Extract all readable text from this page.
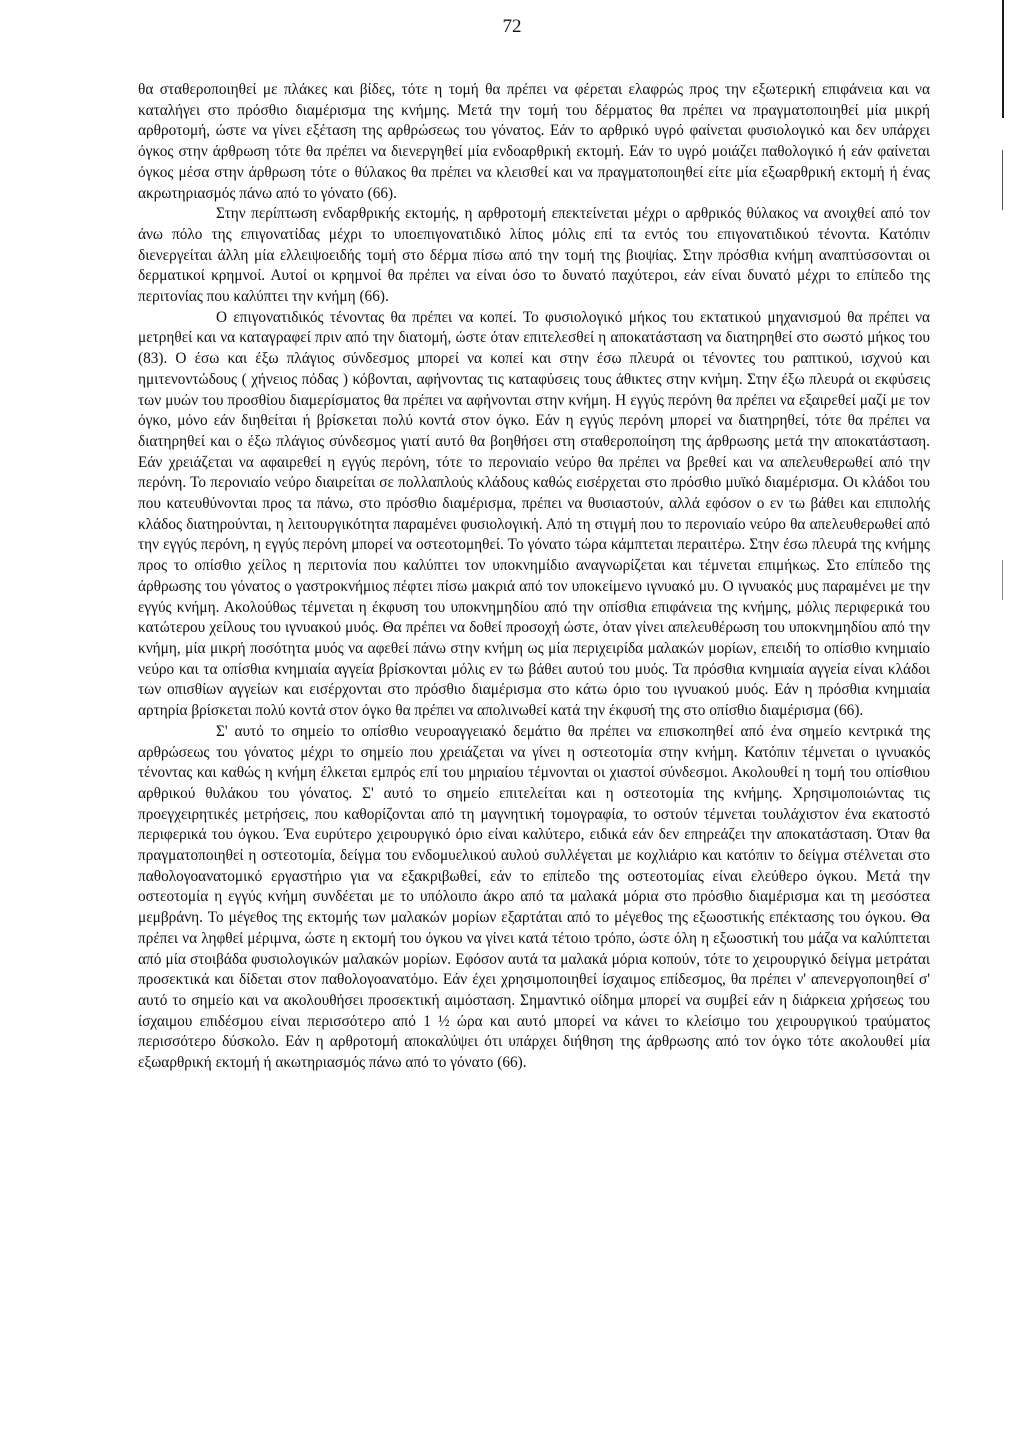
72

θα σταθεροποιηθεί με πλάκες και βίδες, τότε η τομή θα πρέπει να φέρεται ελαφρώς προς την εξωτερική επιφάνεια και να καταλήγει στο πρόσθιο διαμέρισμα της κνήμης. Μετά την τομή του δέρματος θα πρέπει να πραγματοποιηθεί μία μικρή αρθροτομή, ώστε να γίνει εξέταση της αρθρώσεως του γόνατος. Εάν το αρθρικό υγρό φαίνεται φυσιολογικό και δεν υπάρχει όγκος στην άρθρωση τότε θα πρέπει να διενεργηθεί μία ενδοαρθρική εκτομή. Εάν το υγρό μοιάζει παθολογικό ή εάν φαίνεται όγκος μέσα στην άρθρωση τότε ο θύλακος θα πρέπει να κλεισθεί και να πραγματοποιηθεί είτε μία εξωαρθρική εκτομή ή ένας ακρωτηριασμός πάνω από το γόνατο (66).

Στην περίπτωση ενδαρθρικής εκτομής, η αρθροτομή επεκτείνεται μέχρι ο αρθρικός θύλακος να ανοιχθεί από τον άνω πόλο της επιγονατίδας μέχρι το υποεπιγονατιδικό λίπος μόλις επί τα εντός του επιγονατιδικού τένοντα. Κατόπιν διενεργείται άλλη μία ελλειψοειδής τομή στο δέρμα πίσω από την τομή της βιοψίας. Στην πρόσθια κνήμη αναπτύσσονται οι δερματικοί κρημνοί. Αυτοί οι κρημνοί θα πρέπει να είναι όσο το δυνατό παχύτεροι, εάν είναι δυνατό μέχρι το επίπεδο της περιτονίας που καλύπτει την κνήμη (66).

Ο επιγονατιδικός τένοντας θα πρέπει να κοπεί. Το φυσιολογικό μήκος του εκτατικού μηχανισμού θα πρέπει να μετρηθεί και να καταγραφεί πριν από την διατομή, ώστε όταν επιτελεσθεί η αποκατάσταση να διατηρηθεί στο σωστό μήκος του (83). Ο έσω και έξω πλάγιος σύνδεσμος μπορεί να κοπεί και στην έσω πλευρά οι τένοντες του ραπτικού, ισχνού και ημιτενοντώδους ( χήνειος πόδας ) κόβονται, αφήνοντας τις καταφύσεις τους άθικτες στην κνήμη. Στην έξω πλευρά οι εκφύσεις των μυών του προσθίου διαμερίσματος θα πρέπει να αφήνονται στην κνήμη. Η εγγύς περόνη θα πρέπει να εξαιρεθεί μαζί με τον όγκο, μόνο εάν διηθείται ή βρίσκεται πολύ κοντά στον όγκο. Εάν η εγγύς περόνη μπορεί να διατηρηθεί, τότε θα πρέπει να διατηρηθεί και ο έξω πλάγιος σύνδεσμος γιατί αυτό θα βοηθήσει στη σταθεροποίηση της άρθρωσης μετά την αποκατάσταση. Εάν χρειάζεται να αφαιρεθεί η εγγύς περόνη, τότε το περονιαίο νεύρο θα πρέπει να βρεθεί και να απελευθερωθεί από την περόνη. Το περονιαίο νεύρο διαιρείται σε πολλαπλούς κλάδους καθώς εισέρχεται στο πρόσθιο μυϊκό διαμέρισμα. Οι κλάδοι του που κατευθύνονται προς τα πάνω, στο πρόσθιο διαμέρισμα, πρέπει να θυσιαστούν, αλλά εφόσον ο εν τω βάθει και επιπολής κλάδος διατηρούνται, η λειτουργικότητα παραμένει φυσιολογική. Από τη στιγμή που το περονιαίο νεύρο θα απελευθερωθεί από την εγγύς περόνη, η εγγύς περόνη μπορεί να οστεοτομηθεί. Το γόνατο τώρα κάμπτεται περαιτέρω. Στην έσω πλευρά της κνήμης προς το οπίσθιο χείλος η περιτονία που καλύπτει τον υποκνημίδιο αναγνωρίζεται και τέμνεται επιμήκως. Στο επίπεδο της άρθρωσης του γόνατος ο γαστροκνήμιος πέφτει πίσω μακριά από τον υποκείμενο ιγνυακό μυ. Ο ιγνυακός μυς παραμένει με την εγγύς κνήμη. Ακολούθως τέμνεται η έκφυση του υποκνημηδίου από την οπίσθια επιφάνεια της κνήμης, μόλις περιφερικά του κατώτερου χείλους του ιγνυακού μυός. Θα πρέπει να δοθεί προσοχή ώστε, όταν γίνει απελευθέρωση του υποκνημηδίου από την κνήμη, μία μικρή ποσότητα μυός να αφεθεί πάνω στην κνήμη ως μία περιχειρίδα μαλακών μορίων, επειδή το οπίσθιο κνημιαίο νεύρο και τα οπίσθια κνημιαία αγγεία βρίσκονται μόλις εν τω βάθει αυτού του μυός. Τα πρόσθια κνημιαία αγγεία είναι κλάδοι των οπισθίων αγγείων και εισέρχονται στο πρόσθιο διαμέρισμα στο κάτω όριο του ιγνυακού μυός. Εάν η πρόσθια κνημιαία αρτηρία βρίσκεται πολύ κοντά στον όγκο θα πρέπει να απολινωθεί κατά την έκφυσή της στο οπίσθιο διαμέρισμα (66).

Σ' αυτό το σημείο το οπίσθιο νευροαγγειακό δεμάτιο θα πρέπει να επισκοπηθεί από ένα σημείο κεντρικά της αρθρώσεως του γόνατος μέχρι το σημείο που χρειάζεται να γίνει η οστεοτομία στην κνήμη. Κατόπιν τέμνεται ο ιγνυακός τένοντας και καθώς η κνήμη έλκεται εμπρός επί του μηριαίου τέμνονται οι χιαστοί σύνδεσμοι. Ακολουθεί η τομή του οπίσθιου αρθρικού θυλάκου του γόνατος. Σ' αυτό το σημείο επιτελείται και η οστεοτομία της κνήμης. Χρησιμοποιώντας τις προεγχειρητικές μετρήσεις, που καθορίζονται από τη μαγνητική τομογραφία, το οστούν τέμνεται τουλάχιστον ένα εκατοστό περιφερικά του όγκου. Ένα ευρύτερο χειρουργικό όριο είναι καλύτερο, ειδικά εάν δεν επηρεάζει την αποκατάσταση. Όταν θα πραγματοποιηθεί η οστεοτομία, δείγμα του ενδομυελικού αυλού συλλέγεται με κοχλιάριο και κατόπιν το δείγμα στέλνεται στο παθολογοανατομικό εργαστήριο για να εξακριβωθεί, εάν το επίπεδο της οστεοτομίας είναι ελεύθερο όγκου. Μετά την οστεοτομία η εγγύς κνήμη συνδέεται με το υπόλοιπο άκρο από τα μαλακά μόρια στο πρόσθιο διαμέρισμα και τη μεσόστεα μεμβράνη. Το μέγεθος της εκτομής των μαλακών μορίων εξαρτάται από το μέγεθος της εξωοστικής επέκτασης του όγκου. Θα πρέπει να ληφθεί μέριμνα, ώστε η εκτομή του όγκου να γίνει κατά τέτοιο τρόπο, ώστε όλη η εξωοστική του μάζα να καλύπτεται από μία στοιβάδα φυσιολογικών μαλακών μορίων. Εφόσον αυτά τα μαλακά μόρια κοπούν, τότε το χειρουργικό δείγμα μετράται προσεκτικά και δίδεται στον παθολογοανατόμο. Εάν έχει χρησιμοποιηθεί ίσχαιμος επίδεσμος, θα πρέπει ν' απενεργοποιηθεί σ' αυτό το σημείο και να ακολουθήσει προσεκτική αιμόσταση. Σημαντικό οίδημα μπορεί να συμβεί εάν η διάρκεια χρήσεως του ίσχαιμου επιδέσμου είναι περισσότερο από 1 ½ ώρα και αυτό μπορεί να κάνει το κλείσιμο του χειρουργικού τραύματος περισσότερο δύσκολο. Εάν η αρθροτομή αποκαλύψει ότι υπάρχει διήθηση της άρθρωσης από τον όγκο τότε ακολουθεί μία εξωαρθρική εκτομή ή ακωτηριασμός πάνω από το γόνατο (66).
